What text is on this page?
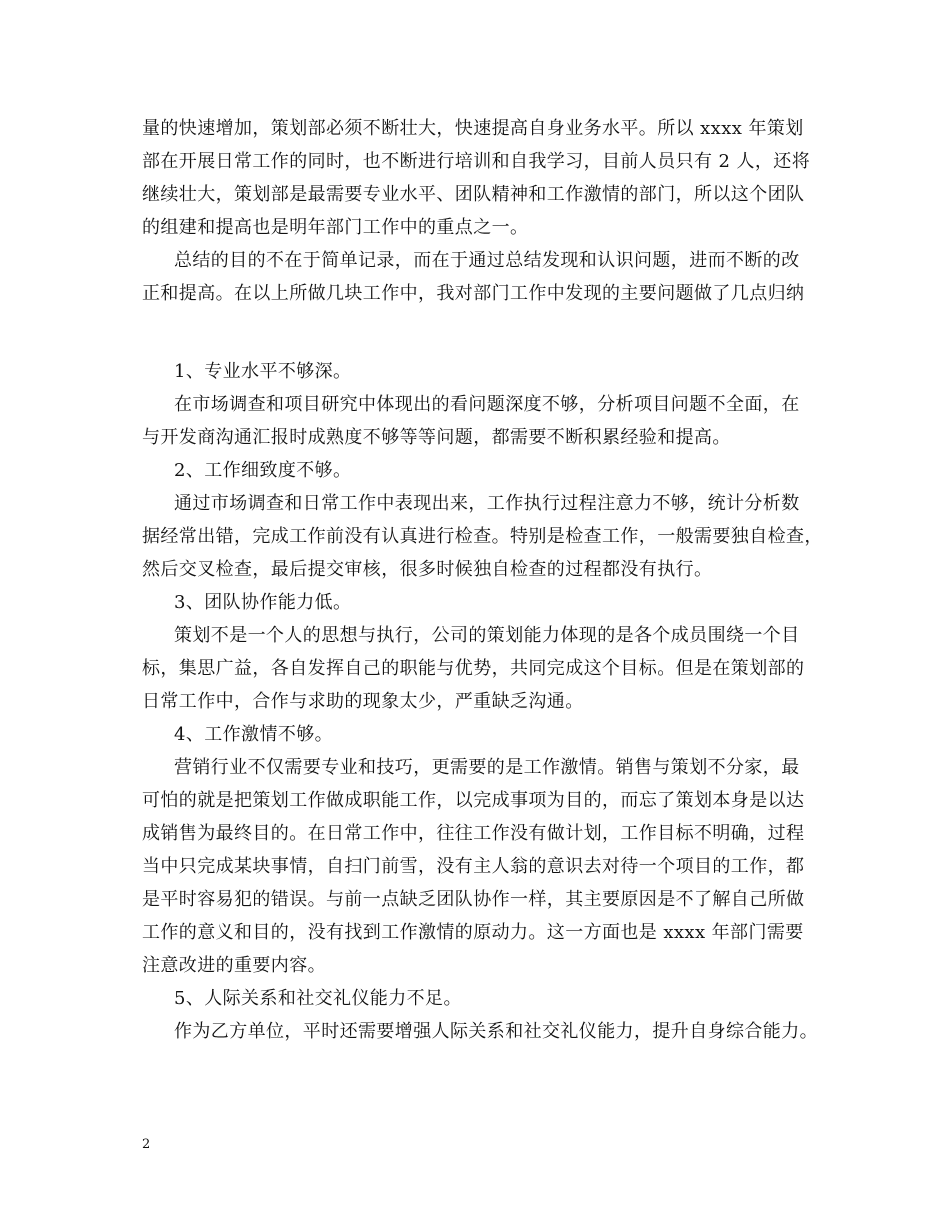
量的快速增加，策划部必须不断壮大，快速提高自身业务水平。所以 xxxx 年策划
部在开展日常工作的同时，也不断进行培训和自我学习，目前人员只有 2 人，还将
继续壮大，策划部是最需要专业水平、团队精神和工作激情的部门，所以这个团队
的组建和提高也是明年部门工作中的重点之一。
总结的目的不在于简单记录，而在于通过总结发现和认识问题，进而不断的改
正和提高。在以上所做几块工作中，我对部门工作中发现的主要问题做了几点归纳
1、专业水平不够深。
在市场调查和项目研究中体现出的看问题深度不够，分析项目问题不全面，在
与开发商沟通汇报时成熟度不够等等问题，都需要不断积累经验和提高。
2、工作细致度不够。
通过市场调查和日常工作中表现出来，工作执行过程注意力不够，统计分析数
据经常出错，完成工作前没有认真进行检查。特别是检查工作，一般需要独自检查，
然后交叉检查，最后提交审核，很多时候独自检查的过程都没有执行。
3、团队协作能力低。
策划不是一个人的思想与执行，公司的策划能力体现的是各个成员围绕一个目
标，集思广益，各自发挥自己的职能与优势，共同完成这个目标。但是在策划部的
日常工作中，合作与求助的现象太少，严重缺乏沟通。
4、工作激情不够。
营销行业不仅需要专业和技巧，更需要的是工作激情。销售与策划不分家，最
可怕的就是把策划工作做成职能工作，以完成事项为目的，而忘了策划本身是以达
成销售为最终目的。在日常工作中，往往工作没有做计划，工作目标不明确，过程
当中只完成某块事情，自扫门前雪，没有主人翁的意识去对待一个项目的工作，都
是平时容易犯的错误。与前一点缺乏团队协作一样，其主要原因是不了解自己所做
工作的意义和目的，没有找到工作激情的原动力。这一方面也是 xxxx 年部门需要
注意改进的重要内容。
5、人际关系和社交礼仪能力不足。
作为乙方单位，平时还需要增强人际关系和社交礼仪能力，提升自身综合能力。
2
